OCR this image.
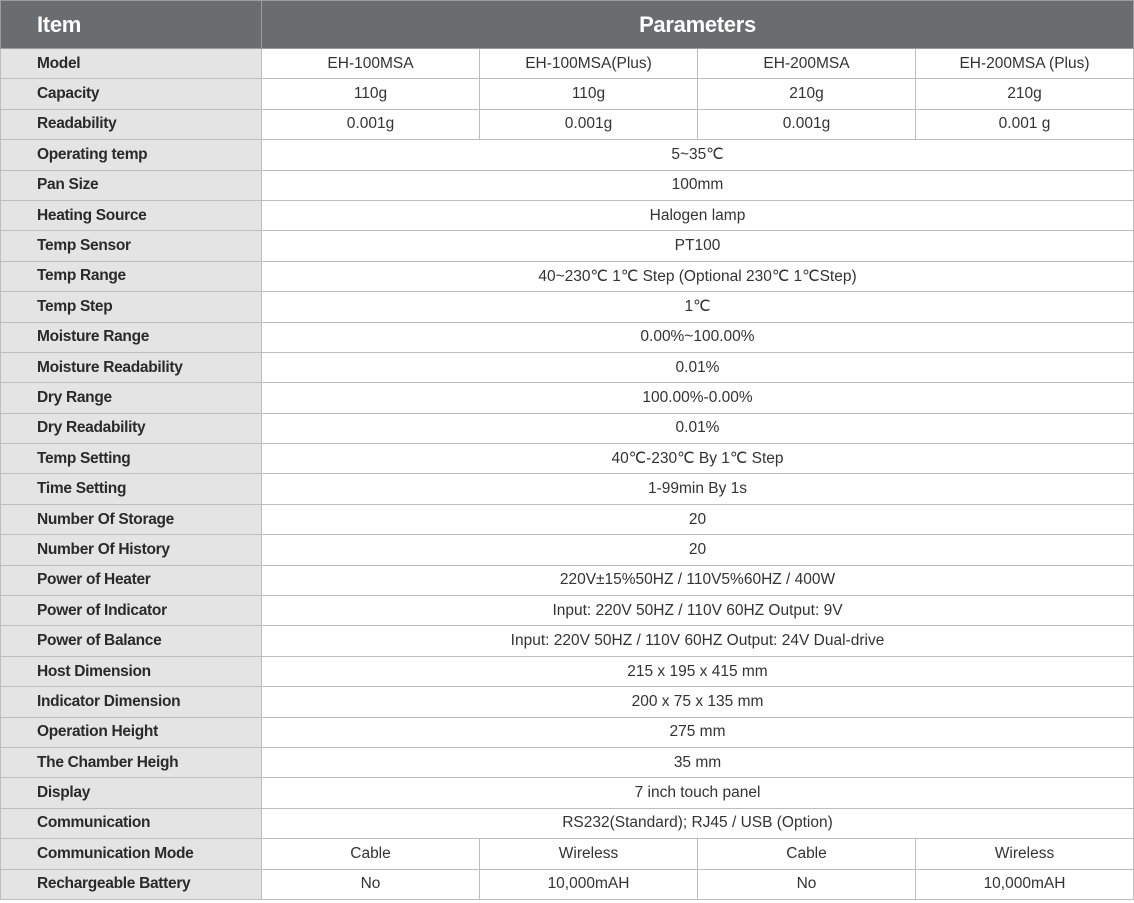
Item	Parameters			
Model	EH-100MSA	EH-100MSA(Plus)	EH-200MSA	EH-200MSA (Plus)
Capacity	110g	110g	210g	210g
Readability	0.001g	0.001g	0.001g	0.001 g
Operating temp	5~35℃			
Pan Size	100mm			
Heating Source	Halogen lamp			
Temp Sensor	PT100			
Temp Range	40~230℃ 1℃ Step (Optional 230℃ 1℃Step)			
Temp Step	1℃			
Moisture Range	0.00%~100.00%			
Moisture Readability	0.01%			
Dry Range	100.00%-0.00%			
Dry Readability	0.01%			
Temp Setting	40℃-230℃ By 1℃ Step			
Time Setting	1-99min By 1s			
Number Of Storage	20			
Number Of History	20			
Power of Heater	220V±15%50HZ / 110V5%60HZ / 400W			
Power of Indicator	Input: 220V 50HZ / 110V 60HZ Output: 9V			
Power of Balance	Input: 220V 50HZ / 110V 60HZ Output: 24V Dual-drive			
Host Dimension	215 x 195 x 415 mm			
Indicator Dimension	200 x 75 x 135 mm			
Operation Height	275 mm			
The Chamber Heigh	35 mm			
Display	7 inch touch panel			
Communication	RS232(Standard); RJ45 / USB (Option)			
Communication Mode	Cable	Wireless	Cable	Wireless
Rechargeable Battery	No	10,000mAH	No	10,000mAH
